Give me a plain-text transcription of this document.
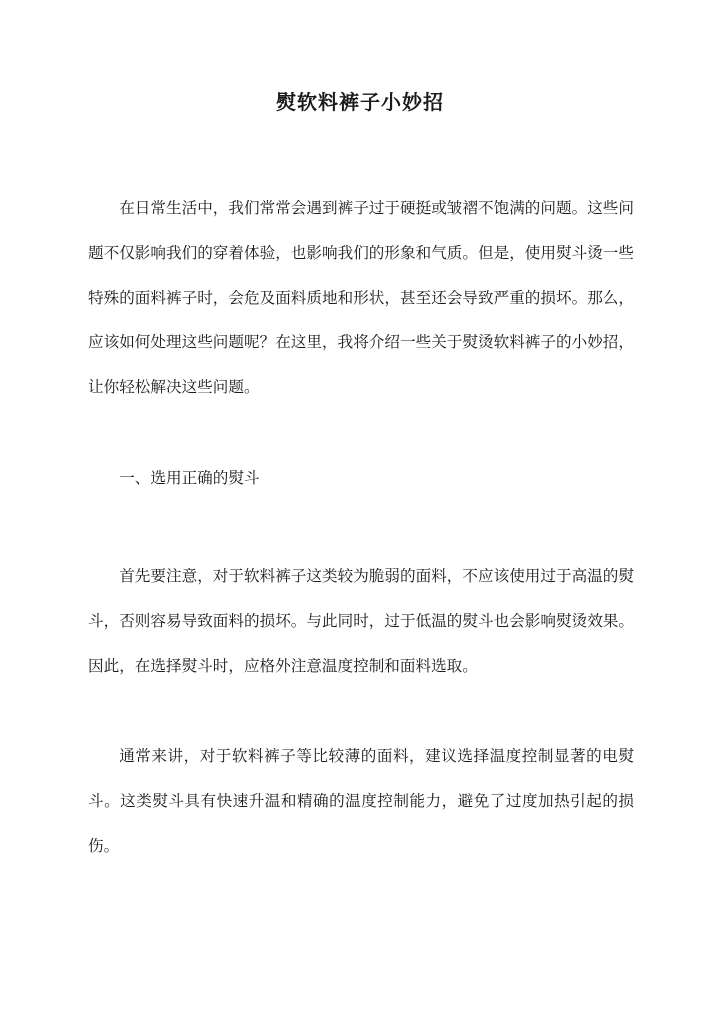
熨软料裤子小妙招

在日常生活中，我们常常会遇到裤子过于硬挺或皱褶不饱满的问题。这些问题不仅影响我们的穿着体验，也影响我们的形象和气质。但是，使用熨斗烫一些特殊的面料裤子时，会危及面料质地和形状，甚至还会导致严重的损坏。那么，应该如何处理这些问题呢？在这里，我将介绍一些关于熨烫软料裤子的小妙招，让你轻松解决这些问题。

一、选用正确的熨斗

首先要注意，对于软料裤子这类较为脆弱的面料，不应该使用过于高温的熨斗，否则容易导致面料的损坏。与此同时，过于低温的熨斗也会影响熨烫效果。因此，在选择熨斗时，应格外注意温度控制和面料选取。

通常来讲，对于软料裤子等比较薄的面料，建议选择温度控制显著的电熨斗。这类熨斗具有快速升温和精确的温度控制能力，避免了过度加热引起的损伤。
